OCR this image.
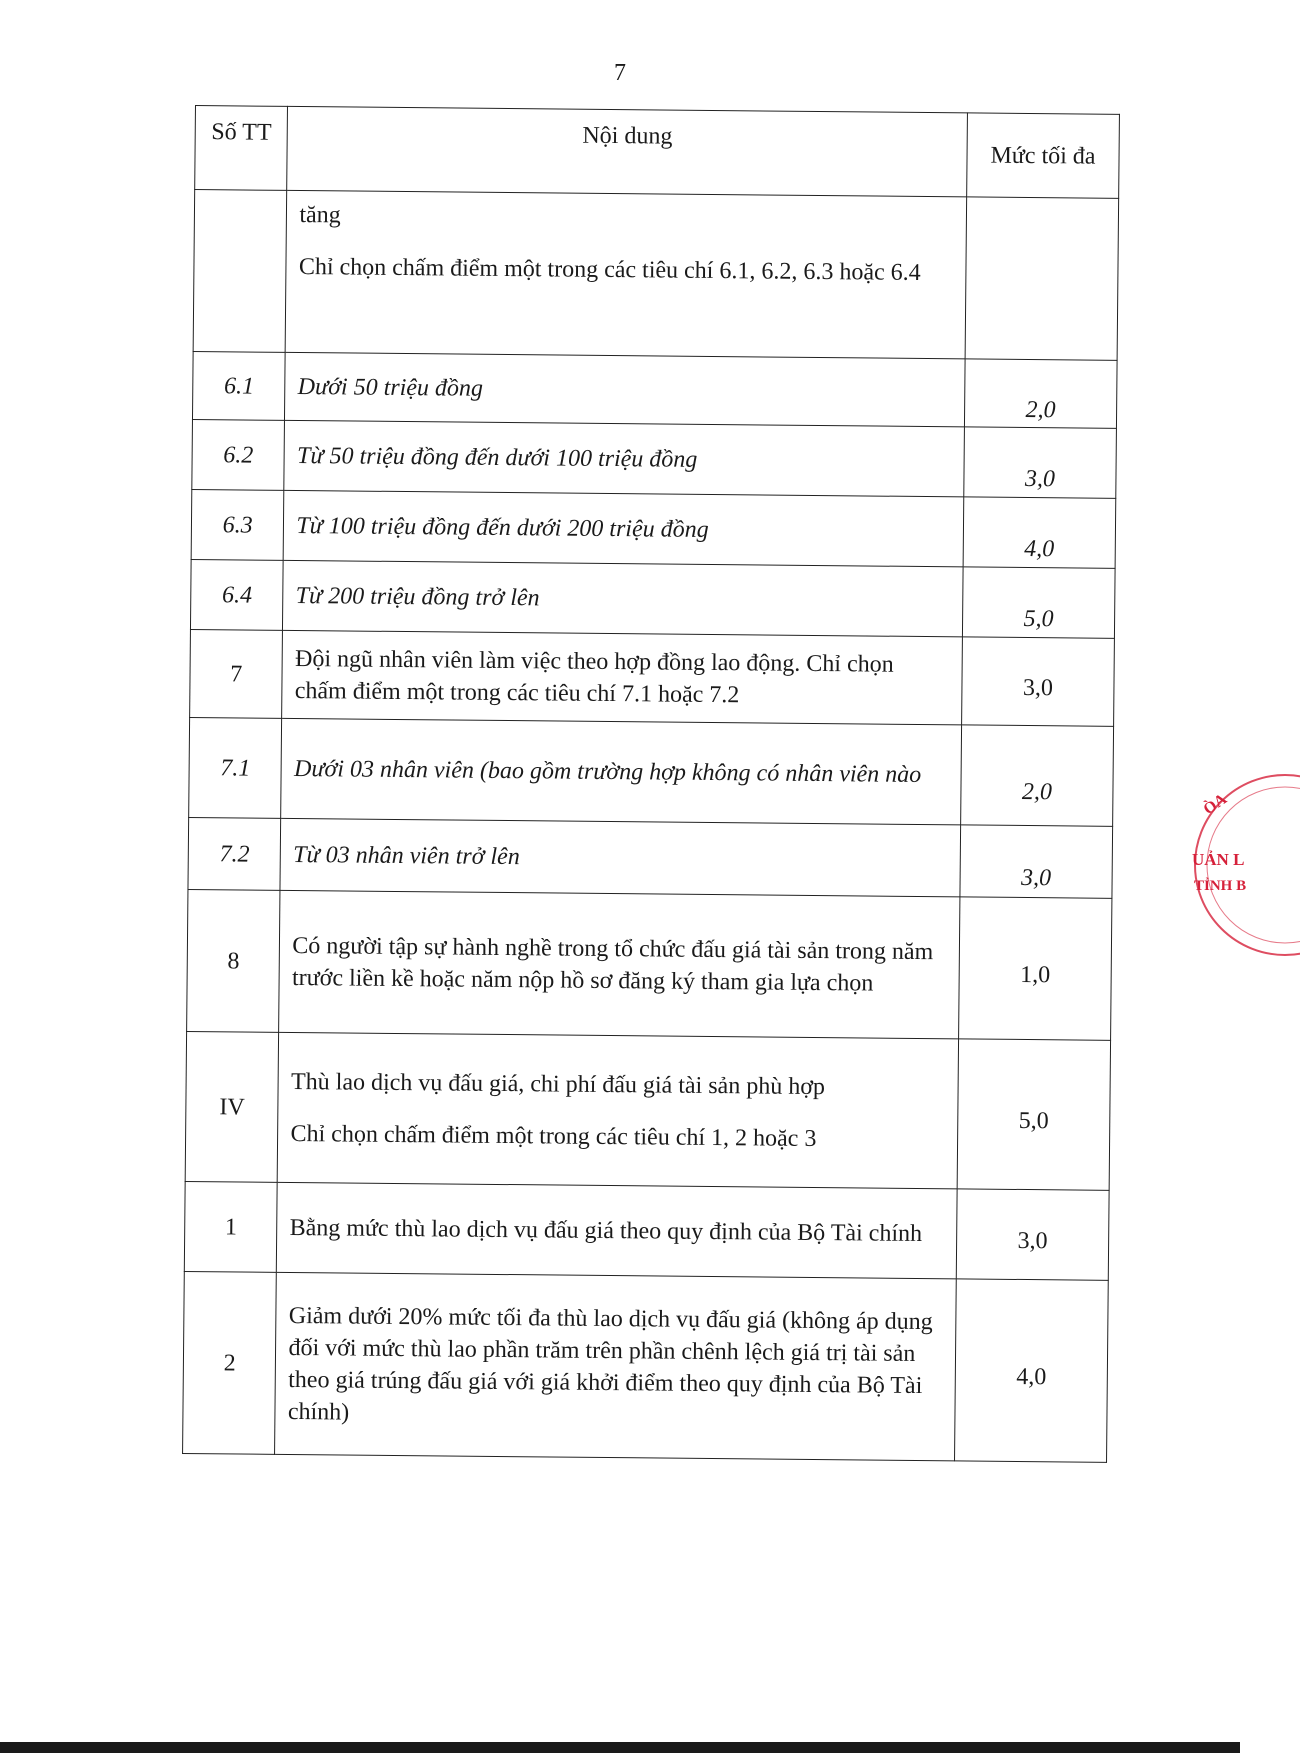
7
Số TT	Nội dung	Mức tối đa

	tăng

Chỉ chọn chấm điểm một trong các tiêu chí 6.1, 6.2, 6.3 hoặc 6.4	

6.1	Dưới 50 triệu đồng	2,0
6.2	Từ 50 triệu đồng đến dưới 100 triệu đồng	3,0
6.3	Từ 100 triệu đồng đến dưới 200 triệu đồng	4,0
6.4	Từ 200 triệu đồng trở lên	5,0
7	Đội ngũ nhân viên làm việc theo hợp đồng lao động. Chỉ chọn chấm điểm một trong các tiêu chí 7.1 hoặc 7.2	3,0
7.1	Dưới 03 nhân viên (bao gồm trường hợp không có nhân viên nào	2,0
7.2	Từ 03 nhân viên trở lên	3,0
8	Có người tập sự hành nghề trong tổ chức đấu giá tài sản trong năm trước liền kề hoặc năm nộp hồ sơ đăng ký tham gia lựa chọn	1,0
IV	Thù lao dịch vụ đấu giá, chi phí đấu giá tài sản phù hợp

Chỉ chọn chấm điểm một trong các tiêu chí 1, 2 hoặc 3	5,0
1	Bằng mức thù lao dịch vụ đấu giá theo quy định của Bộ Tài chính	3,0
2	Giảm dưới 20% mức tối đa thù lao dịch vụ đấu giá (không áp dụng đối với mức thù lao phần trăm trên phần chênh lệch giá trị tài sản theo giá trúng đấu giá với giá khởi điểm theo quy định của Bộ Tài chính)	4,0
ÒA
UẢN L
TỈNH B
